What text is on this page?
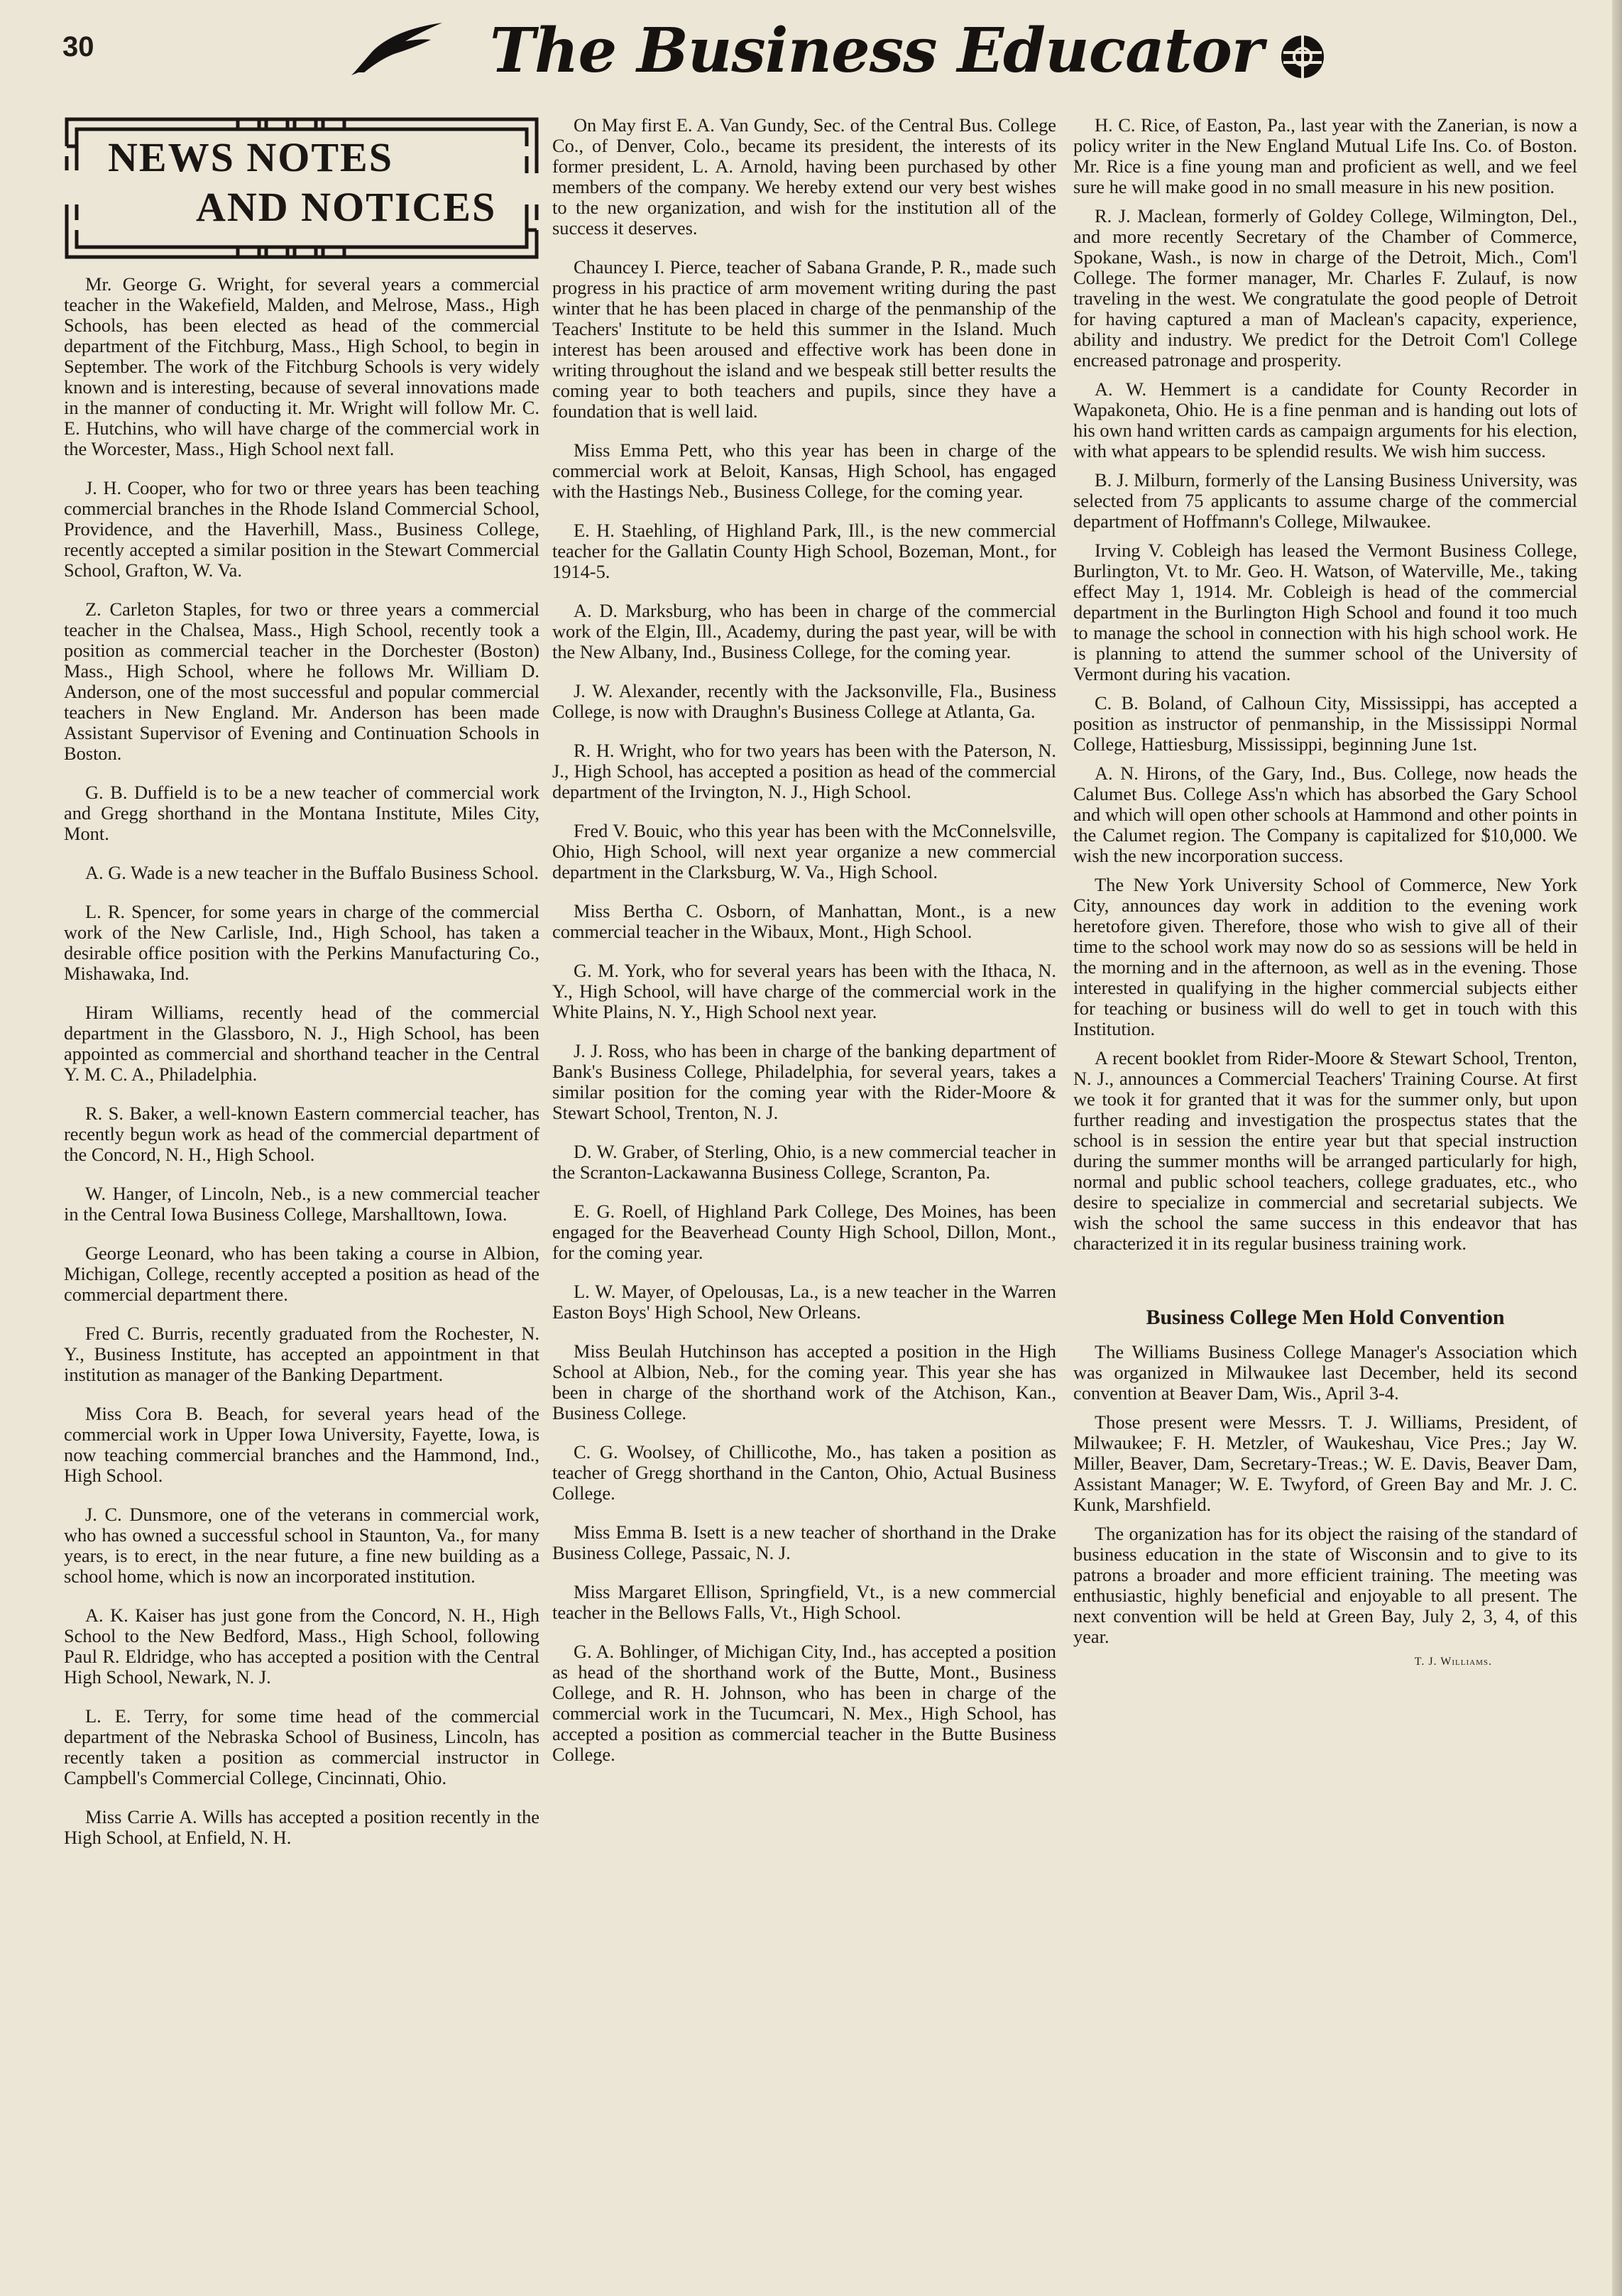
30	The Business Educator
NEWS NOTES
AND NOTICES

Mr. George G. Wright, for several years a commercial teacher in the Wakefield, Malden, and Melrose, Mass., High Schools, has been elected as head of the commercial department of the Fitchburg, Mass., High School, to begin in September. The work of the Fitchburg Schools is very widely known and is interesting, because of several innovations made in the manner of conducting it. Mr. Wright will follow Mr. C. E. Hutchins, who will have charge of the commercial work in the Worcester, Mass., High School next fall.

J. H. Cooper, who for two or three years has been teaching commercial branches in the Rhode Island Commercial School, Providence, and the Haverhill, Mass., Business College, recently accepted a similar position in the Stewart Commercial School, Grafton, W. Va.

Z. Carleton Staples, for two or three years a commercial teacher in the Chalsea, Mass., High School, recently took a position as commercial teacher in the Dorchester (Boston) Mass., High School, where he follows Mr. William D. Anderson, one of the most successful and popular commercial teachers in New England. Mr. Anderson has been made Assistant Supervisor of Evening and Continuation Schools in Boston.

G. B. Duffield is to be a new teacher of commercial work and Gregg shorthand in the Montana Institute, Miles City, Mont.

A. G. Wade is a new teacher in the Buffalo Business School.

L. R. Spencer, for some years in charge of the commercial work of the New Carlisle, Ind., High School, has taken a desirable office position with the Perkins Manufacturing Co., Mishawaka, Ind.

Hiram Williams, recently head of the commercial department in the Glassboro, N. J., High School, has been appointed as commercial and shorthand teacher in the Central Y. M. C. A., Philadelphia.

R. S. Baker, a well-known Eastern commercial teacher, has recently begun work as head of the commercial department of the Concord, N. H., High School.

W. Hanger, of Lincoln, Neb., is a new commercial teacher in the Central Iowa Business College, Marshalltown, Iowa.

George Leonard, who has been taking a course in Albion, Michigan, College, recently accepted a position as head of the commercial department there.

Fred C. Burris, recently graduated from the Rochester, N. Y., Business Institute, has accepted an appointment in that institution as manager of the Banking Department.

Miss Cora B. Beach, for several years head of the commercial work in Upper Iowa University, Fayette, Iowa, is now teaching commercial branches and the Hammond, Ind., High School.

J. C. Dunsmore, one of the veterans in commercial work, who has owned a successful school in Staunton, Va., for many years, is to erect, in the near future, a fine new building as a school home, which is now an incorporated institution.

A. K. Kaiser has just gone from the Concord, N. H., High School to the New Bedford, Mass., High School, following Paul R. Eldridge, who has accepted a position with the Central High School, Newark, N. J.

L. E. Terry, for some time head of the commercial department of the Nebraska School of Business, Lincoln, has recently taken a position as commercial instructor in Campbell's Commercial College, Cincinnati, Ohio.

Miss Carrie A. Wills has accepted a position recently in the High School, at Enfield, N. H.

On May first E. A. Van Gundy, Sec. of the Central Bus. College Co., of Denver, Colo., became its president, the interests of its former president, L. A. Arnold, having been purchased by other members of the company. We hereby extend our very best wishes to the new organization, and wish for the institution all of the success it deserves.

Chauncey I. Pierce, teacher of Sabana Grande, P. R., made such progress in his practice of arm movement writing during the past winter that he has been placed in charge of the penmanship of the Teachers' Institute to be held this summer in the Island. Much interest has been aroused and effective work has been done in writing throughout the island and we bespeak still better results the coming year to both teachers and pupils, since they have a foundation that is well laid.

Miss Emma Pett, who this year has been in charge of the commercial work at Beloit, Kansas, High School, has engaged with the Hastings Neb., Business College, for the coming year.

E. H. Staehling, of Highland Park, Ill., is the new commercial teacher for the Gallatin County High School, Bozeman, Mont., for 1914-5.

A. D. Marksburg, who has been in charge of the commercial work of the Elgin, Ill., Academy, during the past year, will be with the New Albany, Ind., Business College, for the coming year.

J. W. Alexander, recently with the Jacksonville, Fla., Business College, is now with Draughn's Business College at Atlanta, Ga.

R. H. Wright, who for two years has been with the Paterson, N. J., High School, has accepted a position as head of the commercial department of the Irvington, N. J., High School.

Fred V. Bouic, who this year has been with the McConnelsville, Ohio, High School, will next year organize a new commercial department in the Clarksburg, W. Va., High School.

Miss Bertha C. Osborn, of Manhattan, Mont., is a new commercial teacher in the Wibaux, Mont., High School.

G. M. York, who for several years has been with the Ithaca, N. Y., High School, will have charge of the commercial work in the White Plains, N. Y., High School next year.

J. J. Ross, who has been in charge of the banking department of Bank's Business College, Philadelphia, for several years, takes a similar position for the coming year with the Rider-Moore & Stewart School, Trenton, N. J.

D. W. Graber, of Sterling, Ohio, is a new commercial teacher in the Scranton-Lackawanna Business College, Scranton, Pa.

E. G. Roell, of Highland Park College, Des Moines, has been engaged for the Beaverhead County High School, Dillon, Mont., for the coming year.

L. W. Mayer, of Opelousas, La., is a new teacher in the Warren Easton Boys' High School, New Orleans.

Miss Beulah Hutchinson has accepted a position in the High School at Albion, Neb., for the coming year. This year she has been in charge of the shorthand work of the Atchison, Kan., Business College.

C. G. Woolsey, of Chillicothe, Mo., has taken a position as teacher of Gregg shorthand in the Canton, Ohio, Actual Business College.

Miss Emma B. Isett is a new teacher of shorthand in the Drake Business College, Passaic, N. J.

Miss Margaret Ellison, Springfield, Vt., is a new commercial teacher in the Bellows Falls, Vt., High School.

G. A. Bohlinger, of Michigan City, Ind., has accepted a position as head of the shorthand work of the Butte, Mont., Business College, and R. H. Johnson, who has been in charge of the commercial work in the Tucumcari, N. Mex., High School, has accepted a position as commercial teacher in the Butte Business College.

H. C. Rice, of Easton, Pa., last year with the Zanerian, is now a policy writer in the New England Mutual Life Ins. Co. of Boston. Mr. Rice is a fine young man and proficient as well, and we feel sure he will make good in no small measure in his new position.

R. J. Maclean, formerly of Goldey College, Wilmington, Del., and more recently Secretary of the Chamber of Commerce, Spokane, Wash., is now in charge of the Detroit, Mich., Com'l College. The former manager, Mr. Charles F. Zulauf, is now traveling in the west. We congratulate the good people of Detroit for having captured a man of Maclean's capacity, experience, ability and industry. We predict for the Detroit Com'l College encreased patronage and prosperity.

A. W. Hemmert is a candidate for County Recorder in Wapakoneta, Ohio. He is a fine penman and is handing out lots of his own hand written cards as campaign arguments for his election, with what appears to be splendid results. We wish him success.

B. J. Milburn, formerly of the Lansing Business University, was selected from 75 applicants to assume charge of the commercial department of Hoffmann's College, Milwaukee.

Irving V. Cobleigh has leased the Vermont Business College, Burlington, Vt. to Mr. Geo. H. Watson, of Waterville, Me., taking effect May 1, 1914. Mr. Cobleigh is head of the commercial department in the Burlington High School and found it too much to manage the school in connection with his high school work. He is planning to attend the summer school of the University of Vermont during his vacation.

C. B. Boland, of Calhoun City, Mississippi, has accepted a position as instructor of penmanship, in the Mississippi Normal College, Hattiesburg, Mississippi, beginning June 1st.

A. N. Hirons, of the Gary, Ind., Bus. College, now heads the Calumet Bus. College Ass'n which has absorbed the Gary School and which will open other schools at Hammond and other points in the Calumet region. The Company is capitalized for $10,000. We wish the new incorporation success.

The New York University School of Commerce, New York City, announces day work in addition to the evening work heretofore given. Therefore, those who wish to give all of their time to the school work may now do so as sessions will be held in the morning and in the afternoon, as well as in the evening. Those interested in qualifying in the higher commercial subjects either for teaching or business will do well to get in touch with this Institution.

A recent booklet from Rider-Moore & Stewart School, Trenton, N. J., announces a Commercial Teachers' Training Course. At first we took it for granted that it was for the summer only, but upon further reading and investigation the prospectus states that the school is in session the entire year but that special instruction during the summer months will be arranged particularly for high, normal and public school teachers, college graduates, etc., who desire to specialize in commercial and secretarial subjects. We wish the school the same success in this endeavor that has characterized it in its regular business training work.

Business College Men Hold Convention

The Williams Business College Manager's Association which was organized in Milwaukee last December, held its second convention at Beaver Dam, Wis., April 3-4.

Those present were Messrs. T. J. Williams, President, of Milwaukee; F. H. Metzler, of Waukeshau, Vice Pres.; Jay W. Miller, Beaver, Dam, Secretary-Treas.; W. E. Davis, Beaver Dam, Assistant Manager; W. E. Twyford, of Green Bay and Mr. J. C. Kunk, Marshfield.

The organization has for its object the raising of the standard of business education in the state of Wisconsin and to give to its patrons a broader and more efficient training. The meeting was enthusiastic, highly beneficial and enjoyable to all present. The next convention will be held at Green Bay, July 2, 3, 4, of this year.

T. J. Williams.
